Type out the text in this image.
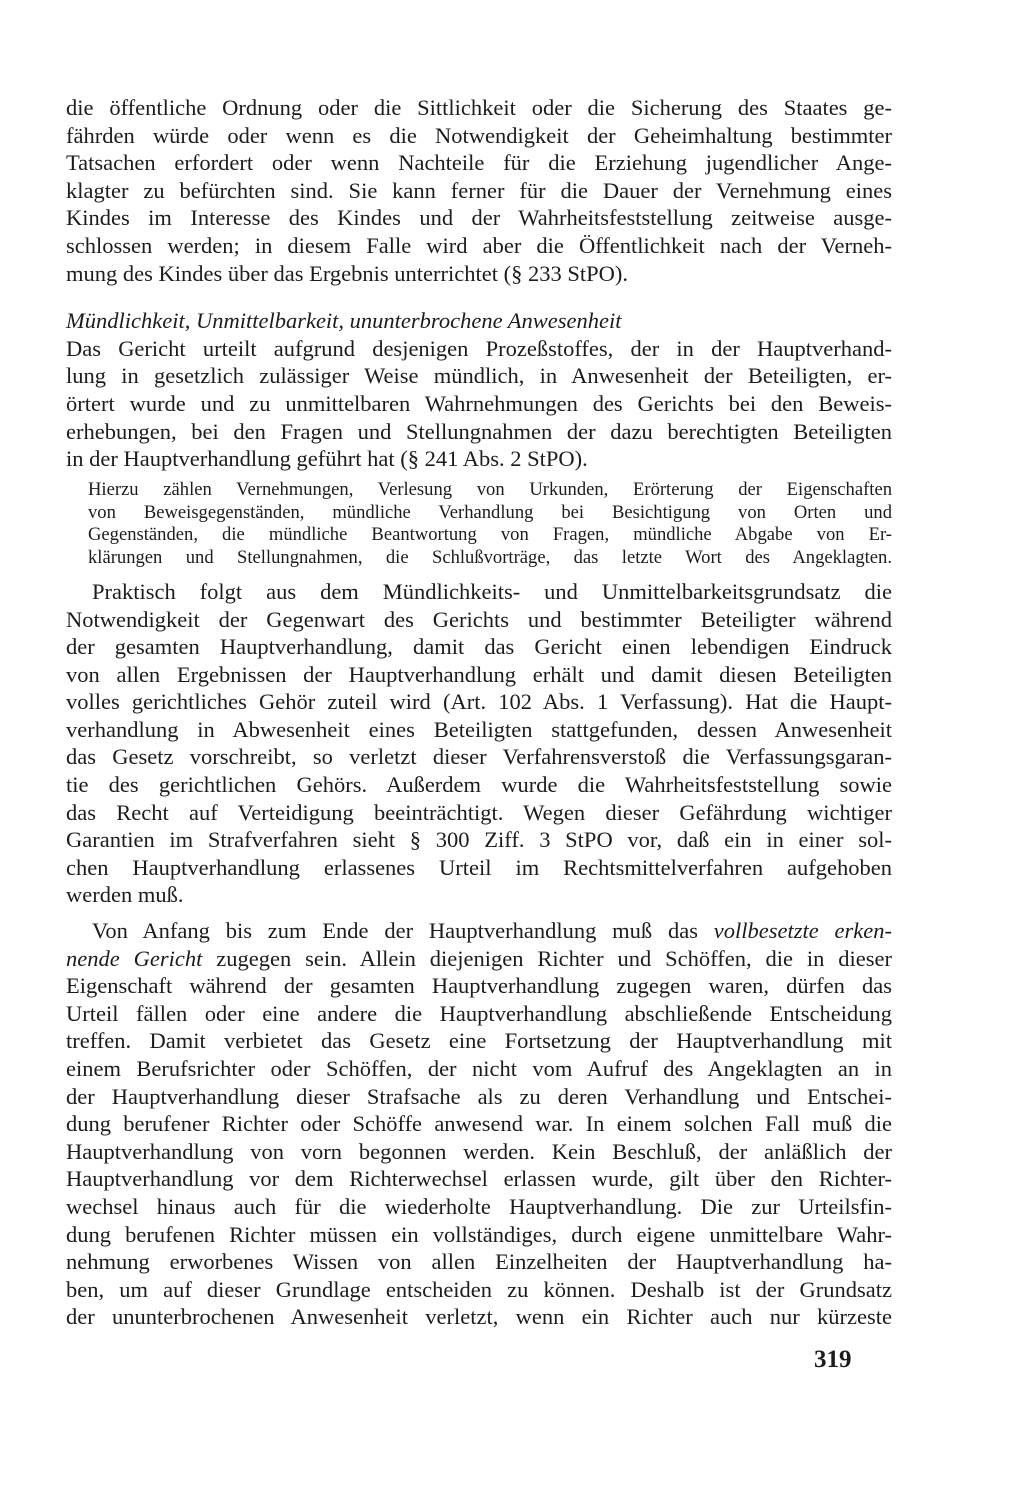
die öffentliche Ordnung oder die Sittlichkeit oder die Sicherung des Staates ge-
fährden würde oder wenn es die Notwendigkeit der Geheimhaltung bestimmter
Tatsachen erfordert oder wenn Nachteile für die Erziehung jugendlicher Ange-
klagter zu befürchten sind. Sie kann ferner für die Dauer der Vernehmung eines
Kindes im Interesse des Kindes und der Wahrheitsfeststellung zeitweise ausge-
schlossen werden; in diesem Falle wird aber die Öffentlichkeit nach der Verneh-
mung des Kindes über das Ergebnis unterrichtet (§ 233 StPO).
Mündlichkeit, Unmittelbarkeit, ununterbrochene Anwesenheit
Das Gericht urteilt aufgrund desjenigen Prozeßstoffes, der in der Hauptverhand-
lung in gesetzlich zulässiger Weise mündlich, in Anwesenheit der Beteiligten, er-
örtert wurde und zu unmittelbaren Wahrnehmungen des Gerichts bei den Beweis-
erhebungen, bei den Fragen und Stellungnahmen der dazu berechtigten Beteiligten
in der Hauptverhandlung geführt hat (§ 241 Abs. 2 StPO).
Hierzu zählen Vernehmungen, Verlesung von Urkunden, Erörterung der Eigenschaften
von Beweisgegenständen, mündliche Verhandlung bei Besichtigung von Orten und
Gegenständen, die mündliche Beantwortung von Fragen, mündliche Abgabe von Er-
klärungen und Stellungnahmen, die Schlußvorträge, das letzte Wort des Angeklagten.
Praktisch folgt aus dem Mündlichkeits- und Unmittelbarkeitsgrundsatz die
Notwendigkeit der Gegenwart des Gerichts und bestimmter Beteiligter während
der gesamten Hauptverhandlung, damit das Gericht einen lebendigen Eindruck
von allen Ergebnissen der Hauptverhandlung erhält und damit diesen Beteiligten
volles gerichtliches Gehör zuteil wird (Art. 102 Abs. 1 Verfassung). Hat die Haupt-
verhandlung in Abwesenheit eines Beteiligten stattgefunden, dessen Anwesenheit
das Gesetz vorschreibt, so verletzt dieser Verfahrensverstoß die Verfassungsgaran-
tie des gerichtlichen Gehörs. Außerdem wurde die Wahrheitsfeststellung sowie
das Recht auf Verteidigung beeinträchtigt. Wegen dieser Gefährdung wichtiger
Garantien im Strafverfahren sieht § 300 Ziff. 3 StPO vor, daß ein in einer sol-
chen Hauptverhandlung erlassenes Urteil im Rechtsmittelverfahren aufgehoben
werden muß.
Von Anfang bis zum Ende der Hauptverhandlung muß das vollbesetzte erken-
nende Gericht zugegen sein. Allein diejenigen Richter und Schöffen, die in dieser
Eigenschaft während der gesamten Hauptverhandlung zugegen waren, dürfen das
Urteil fällen oder eine andere die Hauptverhandlung abschließende Entscheidung
treffen. Damit verbietet das Gesetz eine Fortsetzung der Hauptverhandlung mit
einem Berufsrichter oder Schöffen, der nicht vom Aufruf des Angeklagten an in
der Hauptverhandlung dieser Strafsache als zu deren Verhandlung und Entschei-
dung berufener Richter oder Schöffe anwesend war. In einem solchen Fall muß die
Hauptverhandlung von vorn begonnen werden. Kein Beschluß, der anläßlich der
Hauptverhandlung vor dem Richterwechsel erlassen wurde, gilt über den Richter-
wechsel hinaus auch für die wiederholte Hauptverhandlung. Die zur Urteilsfin-
dung berufenen Richter müssen ein vollständiges, durch eigene unmittelbare Wahr-
nehmung erworbenes Wissen von allen Einzelheiten der Hauptverhandlung ha-
ben, um auf dieser Grundlage entscheiden zu können. Deshalb ist der Grundsatz
der ununterbrochenen Anwesenheit verletzt, wenn ein Richter auch nur kürzeste
319
